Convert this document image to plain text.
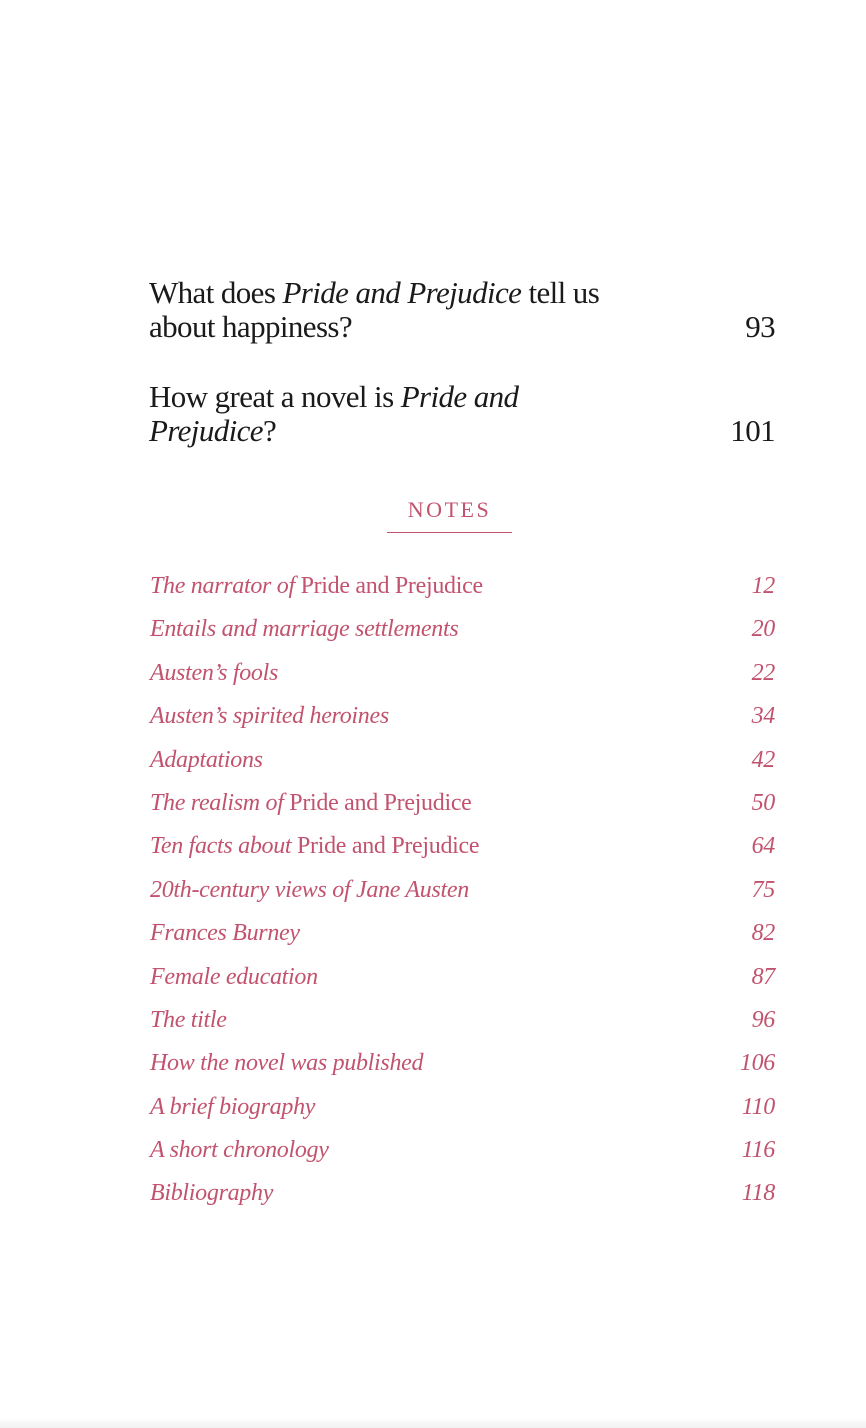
What does Pride and Prejudice tell us
about happiness?	93
How great a novel is Pride and
Prejudice?	101
NOTES
The narrator of Pride and Prejudice	12
Entails and marriage settlements	20
Austen’s fools	22
Austen’s spirited heroines	34
Adaptations	42
The realism of Pride and Prejudice	50
Ten facts about Pride and Prejudice	64
20th-century views of Jane Austen	75
Frances Burney	82
Female education	87
The title	96
How the novel was published	106
A brief biography	110
A short chronology	116
Bibliography	118
